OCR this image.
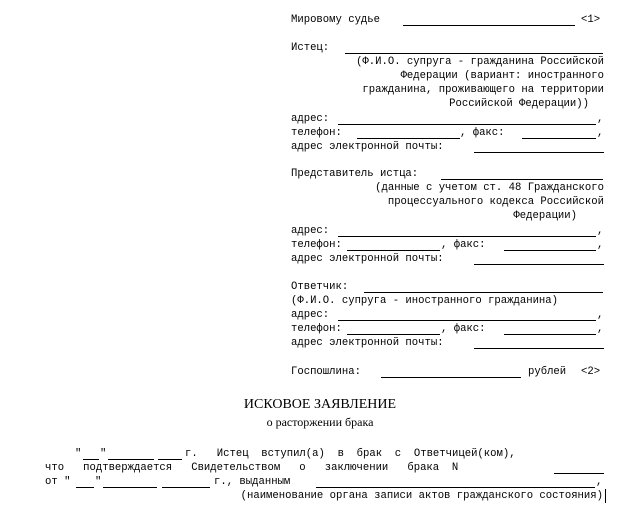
Мировому судье	<1>
Истец:
(Ф.И.О. супруга - гражданина Российской
Федерации (вариант: иностранного
гражданина, проживающего на территории
Российской Федерации))
адрес:	,
телефон:	, факс:	,
адрес электронной почты:
Представитель истца:
(данные с учетом ст. 48 Гражданского
процессуального кодекса Российской
Федерации)
адрес:	,
телефон:	, факс:	,
адрес электронной почты:
Ответчик:
(Ф.И.О. супруга - иностранного гражданина)
адрес:	,
телефон:	, факс:	,
адрес электронной почты:
Госпошлина:	рублей <2>
ИСКОВОЕ ЗАЯВЛЕНИЕ
о расторжении брака
" "	г.   Истец  вступил(а)  в  брак  с  Ответчицей(ком),
что   подтверждается   Свидетельством   о   заключении   брака  N
от " "	г., выданным	,
(наименование органа записи актов гражданского состояния)
